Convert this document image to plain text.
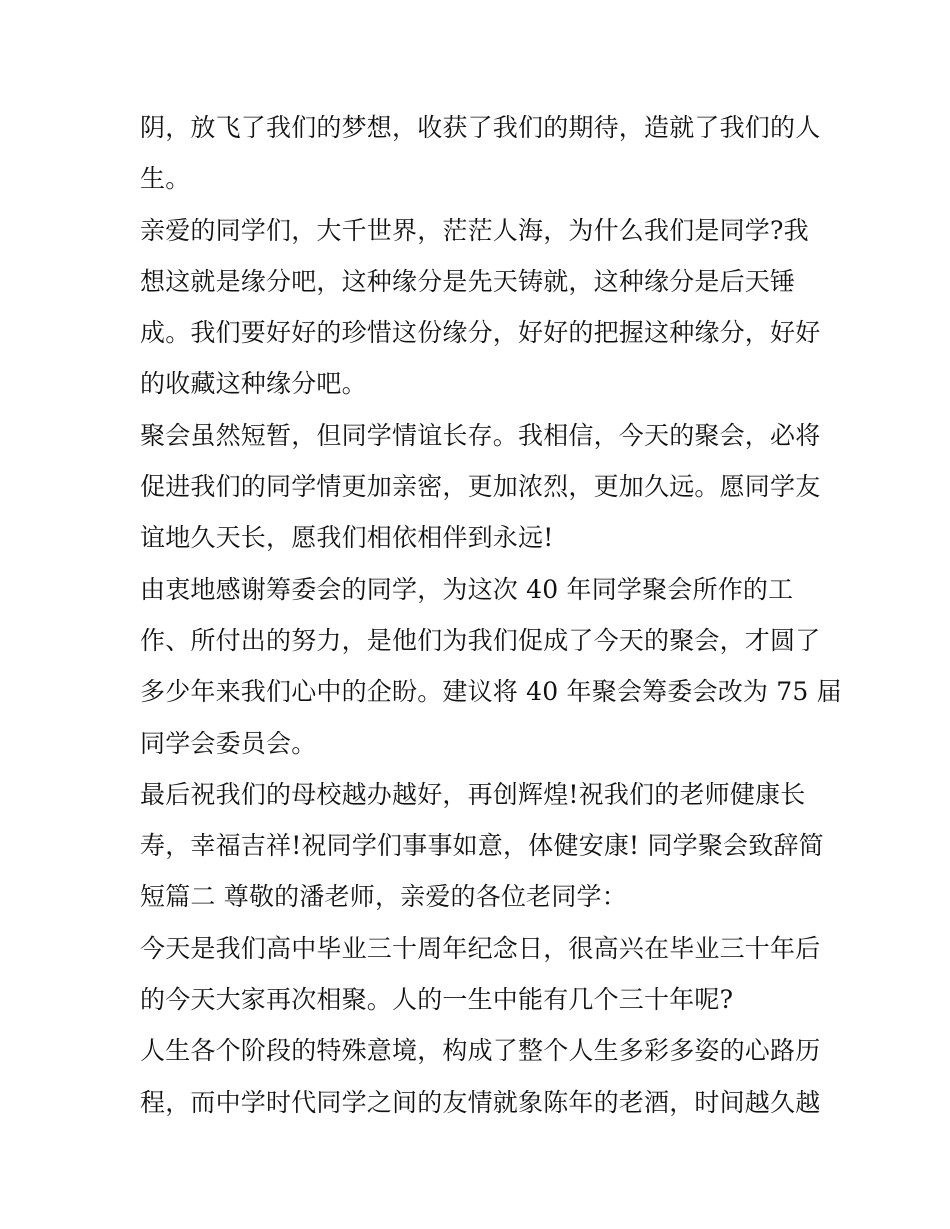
阴，放飞了我们的梦想，收获了我们的期待，造就了我们的人
生。
亲爱的同学们，大千世界，茫茫人海，为什么我们是同学?我
想这就是缘分吧，这种缘分是先天铸就，这种缘分是后天锤
成。我们要好好的珍惜这份缘分，好好的把握这种缘分，好好
的收藏这种缘分吧。
聚会虽然短暂，但同学情谊长存。我相信，今天的聚会，必将
促进我们的同学情更加亲密，更加浓烈，更加久远。愿同学友
谊地久天长，愿我们相依相伴到永远!
由衷地感谢筹委会的同学，为这次 40 年同学聚会所作的工
作、所付出的努力，是他们为我们促成了今天的聚会，才圆了
多少年来我们心中的企盼。建议将 40 年聚会筹委会改为 75 届
同学会委员会。
最后祝我们的母校越办越好，再创辉煌!祝我们的老师健康长
寿，幸福吉祥!祝同学们事事如意，体健安康! 同学聚会致辞简
短篇二 尊敬的潘老师，亲爱的各位老同学：
今天是我们高中毕业三十周年纪念日，很高兴在毕业三十年后
的今天大家再次相聚。人的一生中能有几个三十年呢?
人生各个阶段的特殊意境，构成了整个人生多彩多姿的心路历
程，而中学时代同学之间的友情就象陈年的老酒，时间越久越
